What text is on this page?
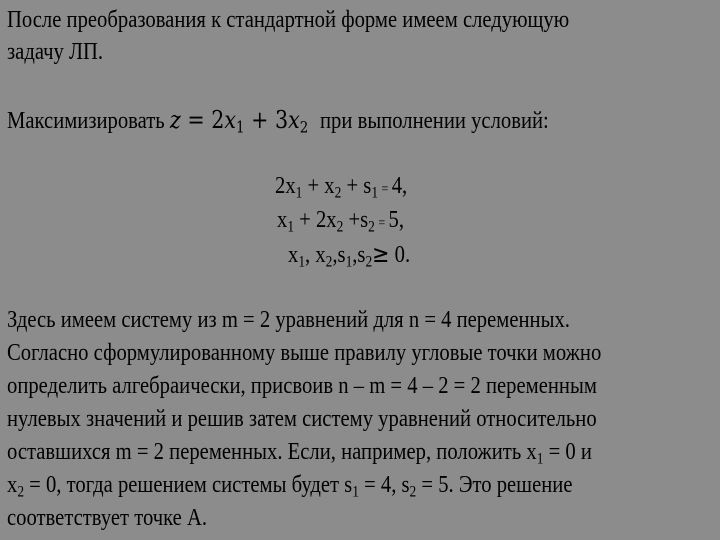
После преобразования к стандартной форме имеем следующую
задачу ЛП.
Максимизировать $z = 2x_1 + 3x_2$ при выполнении условий:
$2x_1 + x_2 + s_1 = 4$,
$x_1 + 2x_2 +s_2 = 5$,
$x_1$, $x_2,s_1,s_2\ge 0$.
Здесь имеем систему из m = 2 уравнений для n = 4 переменных.
Согласно сформулированному выше правилу угловые точки можно
определить алгебраически, присвоив n – m = 4 – 2 = 2 переменным
нулевых значений и решив затем систему уравнений относительно
оставшихся m = 2 переменных. Если, например, положить $x_1 = 0$ и
$x_2 = 0$, тогда решением системы будет $s_1 = 4$, $s_2 = 5$. Это решение
соответствует точке А.
